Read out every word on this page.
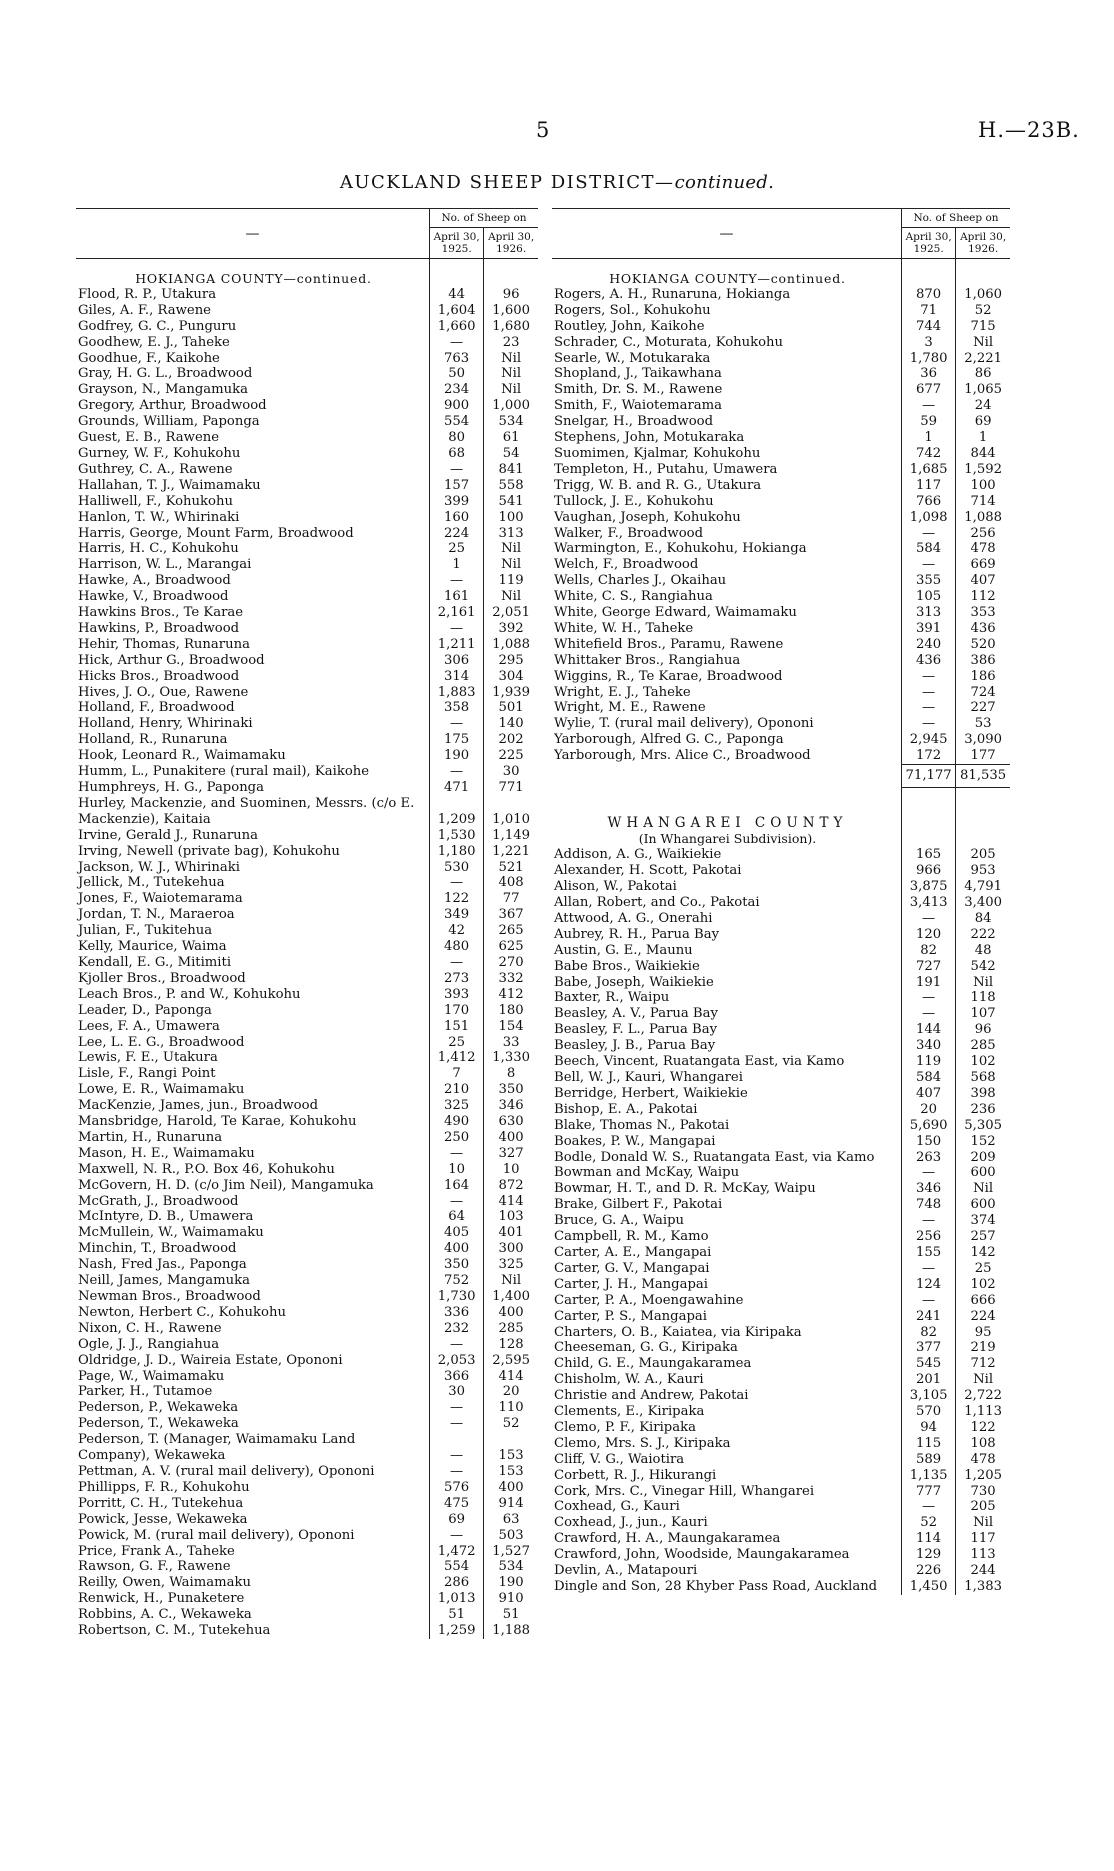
5	H.—23B.
AUCKLAND SHEEP DISTRICT—continued.
—	No. of Sheep on	
	April 30, 1925.	April 30, 1926.

HOKIANGA COUNTY—continued.		
Flood, R. P., Utakura	44	96
Giles, A. F., Rawene	1,604	1,600
Godfrey, G. C., Punguru	1,660	1,680
Goodhew, E. J., Taheke	—	23
Goodhue, F., Kaikohe	763	Nil
Gray, H. G. L., Broadwood	50	Nil
Grayson, N., Mangamuka	234	Nil
Gregory, Arthur, Broadwood	900	1,000
Grounds, William, Paponga	554	534
Guest, E. B., Rawene	80	61
Gurney, W. F., Kohukohu	68	54
Guthrey, C. A., Rawene	—	841
Hallahan, T. J., Waimamaku	157	558
Halliwell, F., Kohukohu	399	541
Hanlon, T. W., Whirinaki	160	100
Harris, George, Mount Farm, Broadwood	224	313
Harris, H. C., Kohukohu	25	Nil
Harrison, W. L., Marangai	1	Nil
Hawke, A., Broadwood	—	119
Hawke, V., Broadwood	161	Nil
Hawkins Bros., Te Karae	2,161	2,051
Hawkins, P., Broadwood	—	392
Hehir, Thomas, Runaruna	1,211	1,088
Hick, Arthur G., Broadwood	306	295
Hicks Bros., Broadwood	314	304
Hives, J. O., Oue, Rawene	1,883	1,939
Holland, F., Broadwood	358	501
Holland, Henry, Whirinaki	—	140
Holland, R., Runaruna	175	202
Hook, Leonard R., Waimamaku	190	225
Humm, L., Punakitere (rural mail), Kaikohe	—	30
Humphreys, H. G., Paponga	471	771
Hurley, Mackenzie, and Suominen, Messrs. (c/o E. Mackenzie), Kaitaia	1,209	1,010
Irvine, Gerald J., Runaruna	1,530	1,149
Irving, Newell (private bag), Kohukohu	1,180	1,221
Jackson, W. J., Whirinaki	530	521
Jellick, M., Tutekehua	—	408
Jones, F., Waiotemarama	122	77
Jordan, T. N., Maraeroa	349	367
Julian, F., Tukitehua	42	265
Kelly, Maurice, Waima	480	625
Kendall, E. G., Mitimiti	—	270
Kjoller Bros., Broadwood	273	332
Leach Bros., P. and W., Kohukohu	393	412
Leader, D., Paponga	170	180
Lees, F. A., Umawera	151	154
Lee, L. E. G., Broadwood	25	33
Lewis, F. E., Utakura	1,412	1,330
Lisle, F., Rangi Point	7	8
Lowe, E. R., Waimamaku	210	350
MacKenzie, James, jun., Broadwood	325	346
Mansbridge, Harold, Te Karae, Kohukohu	490	630
Martin, H., Runaruna	250	400
Mason, H. E., Waimamaku	—	327
Maxwell, N. R., P.O. Box 46, Kohukohu	10	10
McGovern, H. D. (c/o Jim Neil), Mangamuka	164	872
McGrath, J., Broadwood	—	414
McIntyre, D. B., Umawera	64	103
McMullein, W., Waimamaku	405	401
Minchin, T., Broadwood	400	300
Nash, Fred Jas., Paponga	350	325
Neill, James, Mangamuka	752	Nil
Newman Bros., Broadwood	1,730	1,400
Newton, Herbert C., Kohukohu	336	400
Nixon, C. H., Rawene	232	285
Ogle, J. J., Rangiahua	—	128
Oldridge, J. D., Waireia Estate, Opononi	2,053	2,595
Page, W., Waimamaku	366	414
Parker, H., Tutamoe	30	20
Pederson, P., Wekaweka	—	110
Pederson, T., Wekaweka	—	52
Pederson, T. (Manager, Waimamaku Land Company), Wekaweka	—	153
Pettman, A. V. (rural mail delivery), Opononi	—	153
Phillipps, F. R., Kohukohu	576	400
Porritt, C. H., Tutekehua	475	914
Powick, Jesse, Wekaweka	69	63
Powick, M. (rural mail delivery), Opononi	—	503
Price, Frank A., Taheke	1,472	1,527
Rawson, G. F., Rawene	554	534
Reilly, Owen, Waimamaku	286	190
Renwick, H., Punaketere	1,013	910
Robbins, A. C., Wekaweka	51	51
Robertson, C. M., Tutekehua	1,259	1,188
—	No. of Sheep on	
	April 30, 1925.	April 30, 1926.

HOKIANGA COUNTY—continued.		
Rogers, A. H., Runaruna, Hokianga	870	1,060
Rogers, Sol., Kohukohu	71	52
Routley, John, Kaikohe	744	715
Schrader, C., Moturata, Kohukohu	3	Nil
Searle, W., Motukaraka	1,780	2,221
Shopland, J., Taikawhana	36	86
Smith, Dr. S. M., Rawene	677	1,065
Smith, F., Waiotemarama	—	24
Snelgar, H., Broadwood	59	69
Stephens, John, Motukaraka	1	1
Suomimen, Kjalmar, Kohukohu	742	844
Templeton, H., Putahu, Umawera	1,685	1,592
Trigg, W. B. and R. G., Utakura	117	100
Tullock, J. E., Kohukohu	766	714
Vaughan, Joseph, Kohukohu	1,098	1,088
Walker, F., Broadwood	—	256
Warmington, E., Kohukohu, Hokianga	584	478
Welch, F., Broadwood	—	669
Wells, Charles J., Okaihau	355	407
White, C. S., Rangiahua	105	112
White, George Edward, Waimamaku	313	353
White, W. H., Taheke	391	436
Whitefield Bros., Paramu, Rawene	240	520
Whittaker Bros., Rangiahua	436	386
Wiggins, R., Te Karae, Broadwood	—	186
Wright, E. J., Taheke	—	724
Wright, M. E., Rawene	—	227
Wylie, T. (rural mail delivery), Opononi	—	53
Yarborough, Alfred G. C., Paponga	2,945	3,090
Yarborough, Mrs. Alice C., Broadwood	172	177
	71,177	81,535

WHANGAREI COUNTY		
(In Whangarei Subdivision).		
Addison, A. G., Waikiekie	165	205
Alexander, H. Scott, Pakotai	966	953
Alison, W., Pakotai	3,875	4,791
Allan, Robert, and Co., Pakotai	3,413	3,400
Attwood, A. G., Onerahi	—	84
Aubrey, R. H., Parua Bay	120	222
Austin, G. E., Maunu	82	48
Babe Bros., Waikiekie	727	542
Babe, Joseph, Waikiekie	191	Nil
Baxter, R., Waipu	—	118
Beasley, A. V., Parua Bay	—	107
Beasley, F. L., Parua Bay	144	96
Beasley, J. B., Parua Bay	340	285
Beech, Vincent, Ruatangata East, via Kamo	119	102
Bell, W. J., Kauri, Whangarei	584	568
Berridge, Herbert, Waikiekie	407	398
Bishop, E. A., Pakotai	20	236
Blake, Thomas N., Pakotai	5,690	5,305
Boakes, P. W., Mangapai	150	152
Bodle, Donald W. S., Ruatangata East, via Kamo	263	209
Bowman and McKay, Waipu	—	600
Bowmar, H. T., and D. R. McKay, Waipu	346	Nil
Brake, Gilbert F., Pakotai	748	600
Bruce, G. A., Waipu	—	374
Campbell, R. M., Kamo	256	257
Carter, A. E., Mangapai	155	142
Carter, G. V., Mangapai	—	25
Carter, J. H., Mangapai	124	102
Carter, P. A., Moengawahine	—	666
Carter, P. S., Mangapai	241	224
Charters, O. B., Kaiatea, via Kiripaka	82	95
Cheeseman, G. G., Kiripaka	377	219
Child, G. E., Maungakaramea	545	712
Chisholm, W. A., Kauri	201	Nil
Christie and Andrew, Pakotai	3,105	2,722
Clements, E., Kiripaka	570	1,113
Clemo, P. F., Kiripaka	94	122
Clemo, Mrs. S. J., Kiripaka	115	108
Cliff, V. G., Waiotira	589	478
Corbett, R. J., Hikurangi	1,135	1,205
Cork, Mrs. C., Vinegar Hill, Whangarei	777	730
Coxhead, G., Kauri	—	205
Coxhead, J., jun., Kauri	52	Nil
Crawford, H. A., Maungakaramea	114	117
Crawford, John, Woodside, Maungakaramea	129	113
Devlin, A., Matapouri	226	244
Dingle and Son, 28 Khyber Pass Road, Auckland	1,450	1,383
